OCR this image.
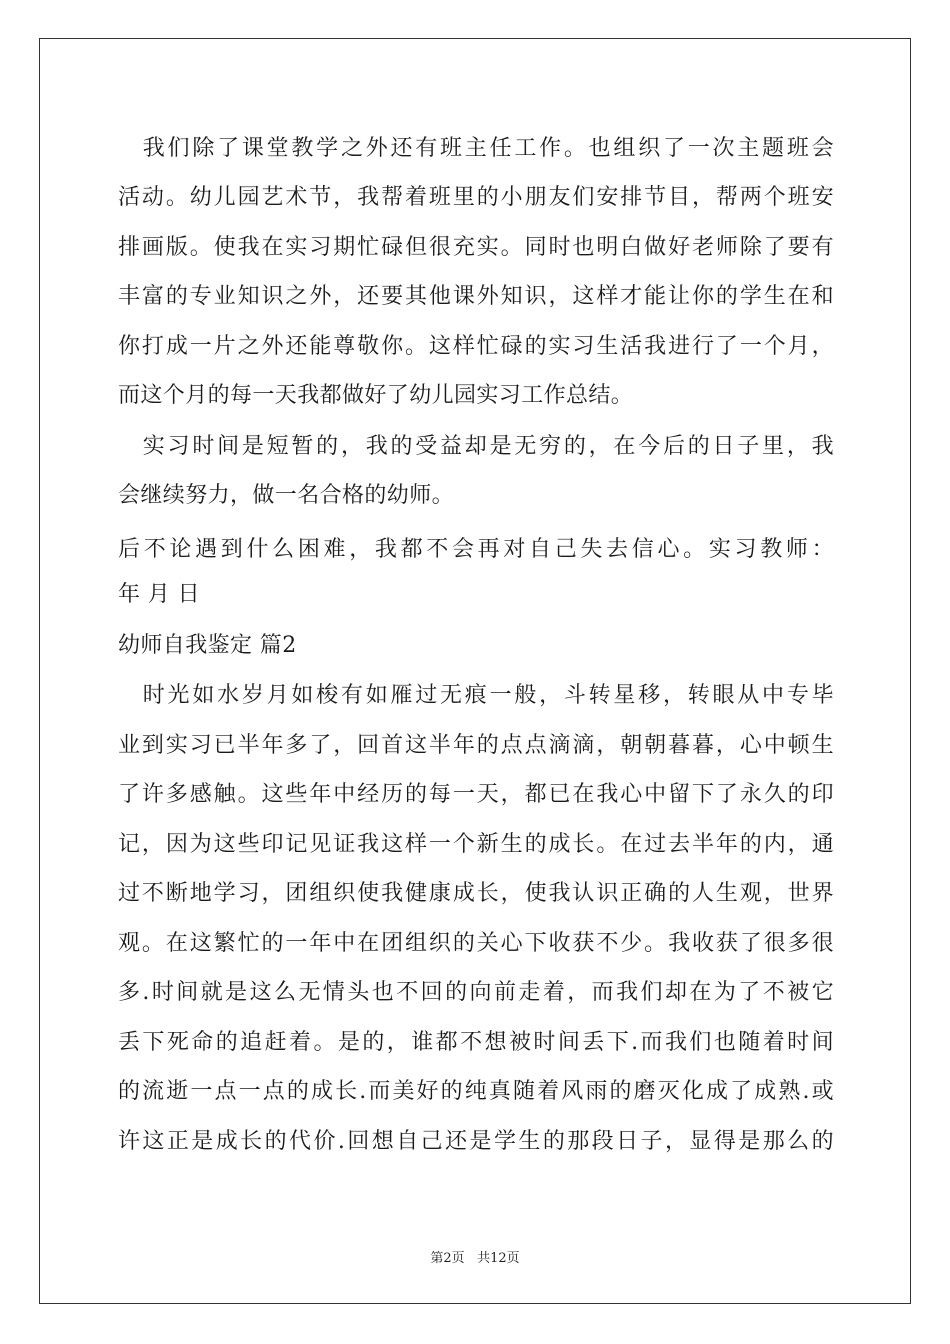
　我们除了课堂教学之外还有班主任工作。也组织了一次主题班会
活动。幼儿园艺术节，我帮着班里的小朋友们安排节目，帮两个班安
排画版。使我在实习期忙碌但很充实。同时也明白做好老师除了要有
丰富的专业知识之外，还要其他课外知识，这样才能让你的学生在和
你打成一片之外还能尊敬你。这样忙碌的实习生活我进行了一个月，
而这个月的每一天我都做好了幼儿园实习工作总结。
　实习时间是短暂的，我的受益却是无穷的，在今后的日子里，我
会继续努力，做一名合格的幼师。
后不论遇到什么困难，我都不会再对自己失去信心。实习教师：
年 月 日
幼师自我鉴定 篇2
　时光如水岁月如梭有如雁过无痕一般，斗转星移，转眼从中专毕
业到实习已半年多了，回首这半年的点点滴滴，朝朝暮暮，心中顿生
了许多感触。这些年中经历的每一天，都已在我心中留下了永久的印
记，因为这些印记见证我这样一个新生的成长。在过去半年的内，通
过不断地学习，团组织使我健康成长，使我认识正确的人生观，世界
观。在这繁忙的一年中在团组织的关心下收获不少。我收获了很多很
多.时间就是这么无情头也不回的向前走着，而我们却在为了不被它
丢下死命的追赶着。是的，谁都不想被时间丢下.而我们也随着时间
的流逝一点一点的成长.而美好的纯真随着风雨的磨灭化成了成熟.或
许这正是成长的代价.回想自己还是学生的那段日子，显得是那么的
第2页 共12页
